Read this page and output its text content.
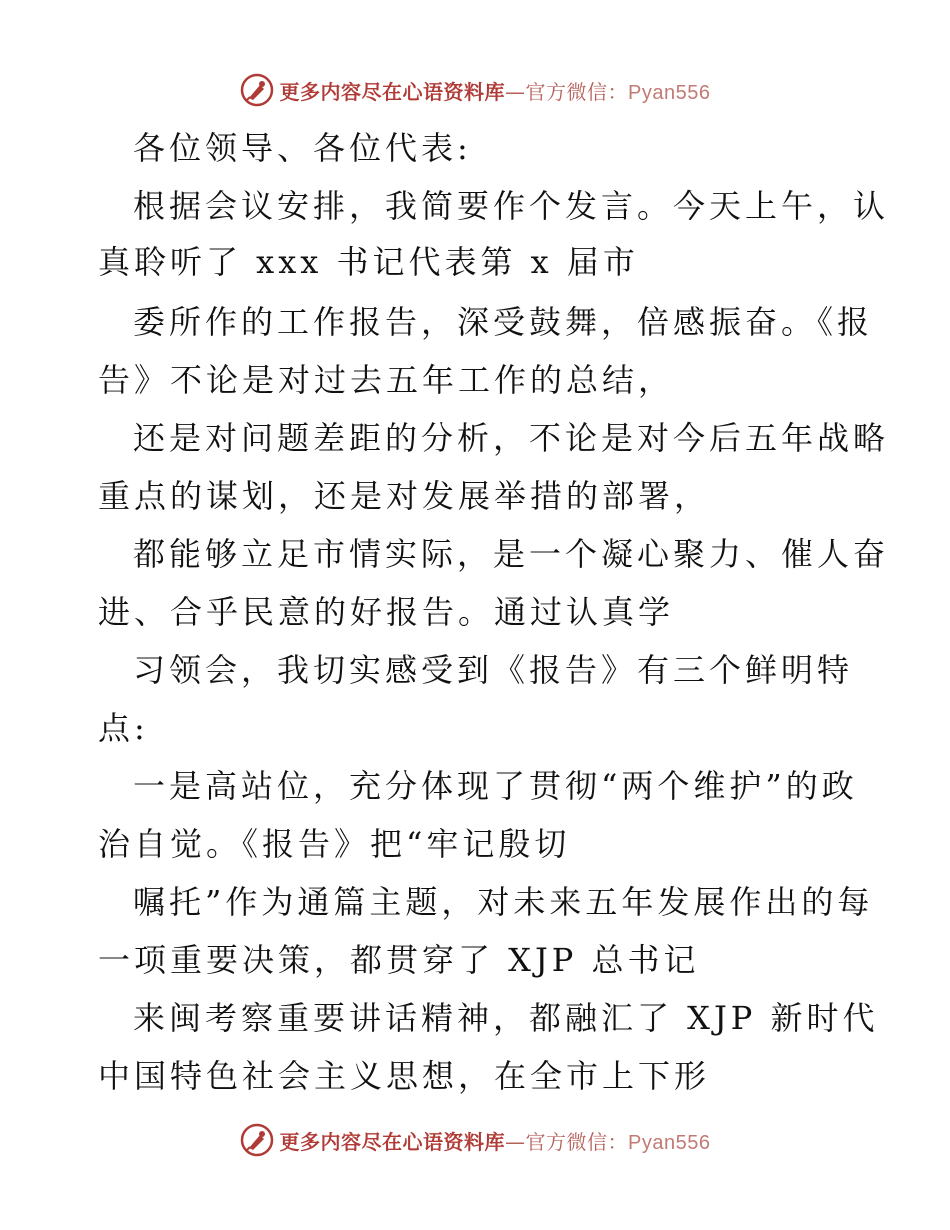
更多内容尽在心语资料库—官方微信：Pyan556
各位领导、各位代表:
根据会议安排，我简要作个发言。今天上午，认
真聆听了 xxx 书记代表第 x 届市
委所作的工作报告，深受鼓舞，倍感振奋。《报
告》不论是对过去五年工作的总结，
还是对问题差距的分析，不论是对今后五年战略
重点的谋划，还是对发展举措的部署，
都能够立足市情实际，是一个凝心聚力、催人奋
进、合乎民意的好报告。通过认真学
习领会，我切实感受到《报告》有三个鲜明特
点:
一是高站位，充分体现了贯彻“两个维护”的政
治自觉。《报告》把“牢记殷切
嘱托”作为通篇主题，对未来五年发展作出的每
一项重要决策，都贯穿了 XJP 总书记
来闽考察重要讲话精神，都融汇了 XJP 新时代
中国特色社会主义思想，在全市上下形
更多内容尽在心语资料库—官方微信：Pyan556
